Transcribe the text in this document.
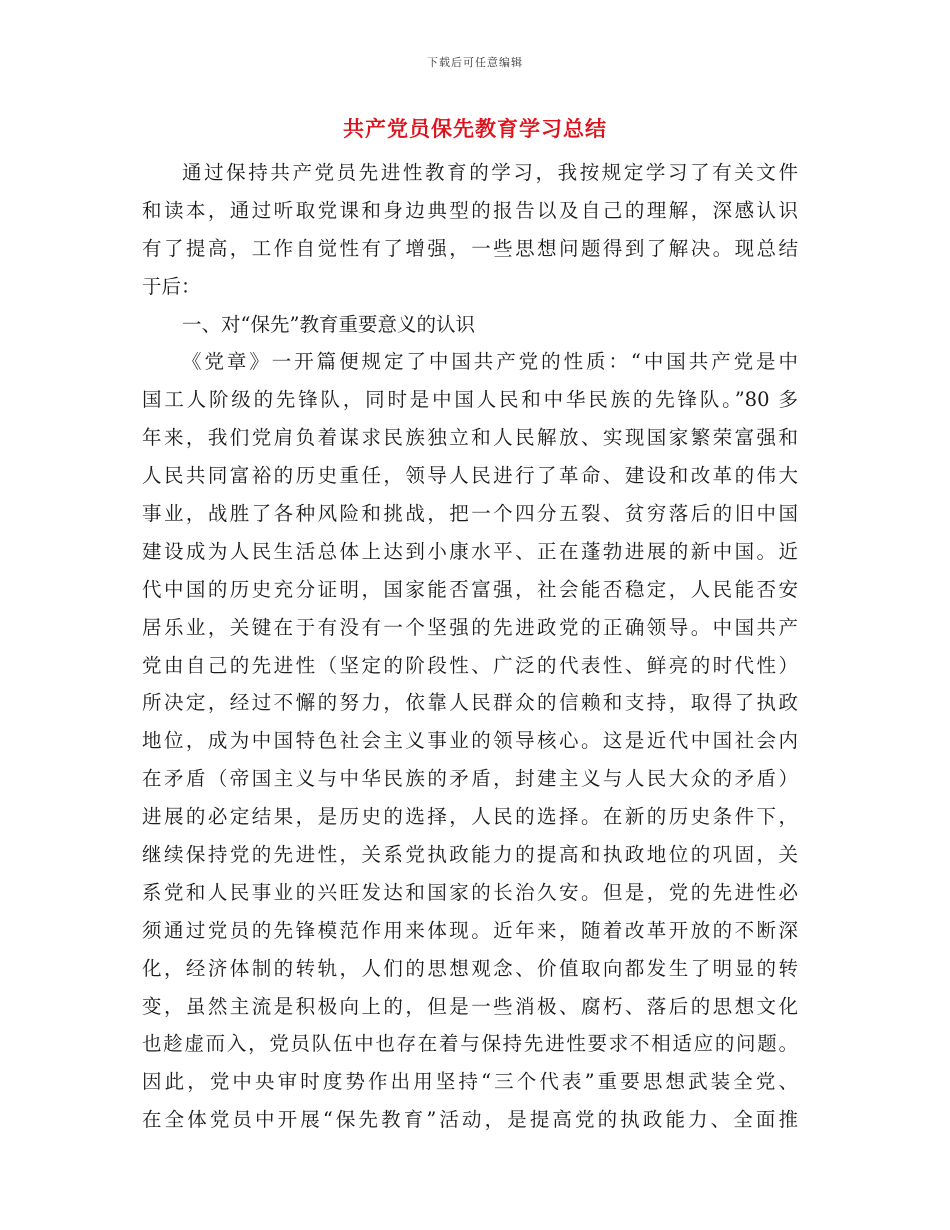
下载后可任意编辑
共产党员保先教育学习总结
通过保持共产党员先进性教育的学习，我按规定学习了有关文件
和读本，通过听取党课和身边典型的报告以及自己的理解，深感认识
有了提高，工作自觉性有了增强，一些思想问题得到了解决。现总结
于后：
一、对“保先”教育重要意义的认识
《党章》一开篇便规定了中国共产党的性质：“中国共产党是中
国工人阶级的先锋队，同时是中国人民和中华民族的先锋队。”80 多
年来，我们党肩负着谋求民族独立和人民解放、实现国家繁荣富强和
人民共同富裕的历史重任，领导人民进行了革命、建设和改革的伟大
事业，战胜了各种风险和挑战，把一个四分五裂、贫穷落后的旧中国
建设成为人民生活总体上达到小康水平、正在蓬勃进展的新中国。近
代中国的历史充分证明，国家能否富强，社会能否稳定，人民能否安
居乐业，关键在于有没有一个坚强的先进政党的正确领导。中国共产
党由自己的先进性（坚定的阶段性、广泛的代表性、鲜亮的时代性）
所决定，经过不懈的努力，依靠人民群众的信赖和支持，取得了执政
地位，成为中国特色社会主义事业的领导核心。这是近代中国社会内
在矛盾（帝国主义与中华民族的矛盾，封建主义与人民大众的矛盾）
进展的必定结果，是历史的选择，人民的选择。在新的历史条件下，
继续保持党的先进性，关系党执政能力的提高和执政地位的巩固，关
系党和人民事业的兴旺发达和国家的长治久安。但是，党的先进性必
须通过党员的先锋模范作用来体现。近年来，随着改革开放的不断深
化，经济体制的转轨，人们的思想观念、价值取向都发生了明显的转
变，虽然主流是积极向上的，但是一些消极、腐朽、落后的思想文化
也趁虚而入，党员队伍中也存在着与保持先进性要求不相适应的问题。
因此，党中央审时度势作出用坚持“三个代表”重要思想武装全党、
在全体党员中开展“保先教育”活动，是提高党的执政能力、全面推
